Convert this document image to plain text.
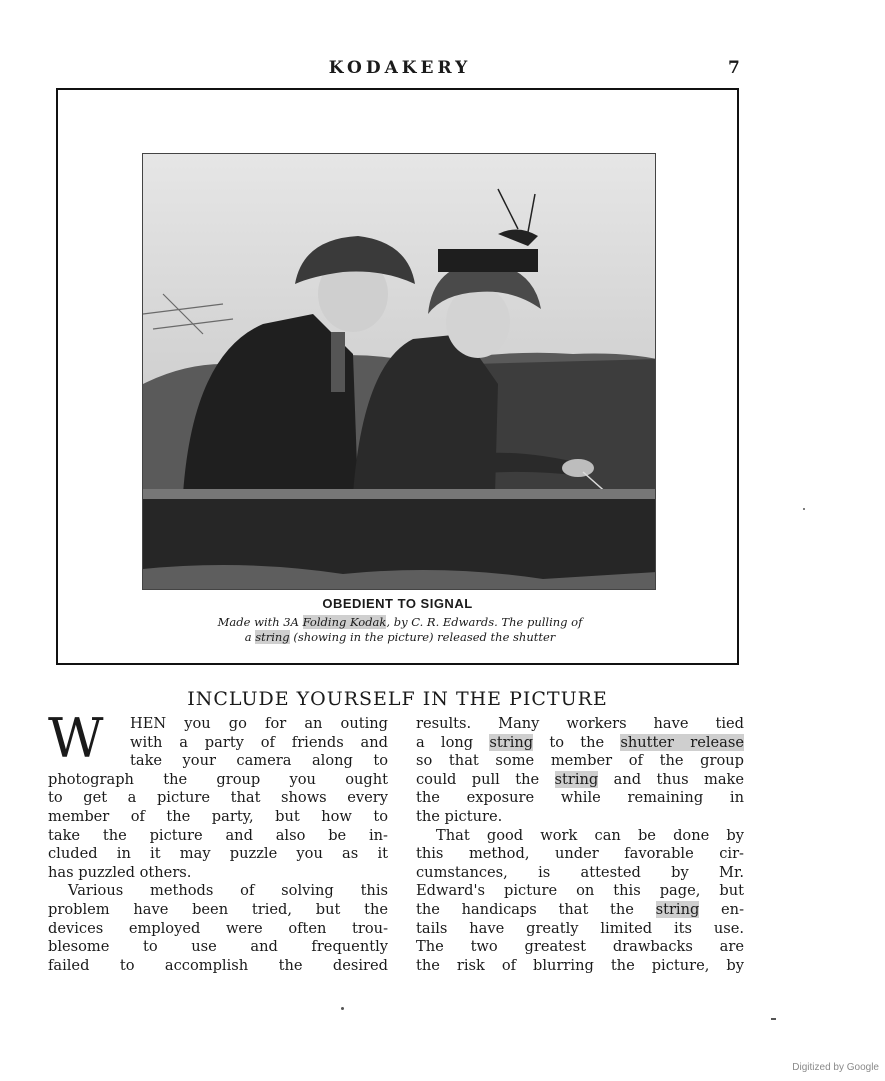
KODAKERY	7
OBEDIENT TO SIGNAL
Made with 3A Folding Kodak, by C. R. Edwards. The pulling of
a string (showing in the picture) released the shutter
INCLUDE YOURSELF IN THE PICTURE
W	HEN you go for an outing
with a party of friends and
take your camera along to
photograph the group you ought
to get a picture that shows every
member of the party, but how to
take the picture and also be in-
cluded in it may puzzle you as it
has puzzled others.
Various methods of solving this
problem have been tried, but the
devices employed were often trou-
blesome to use and frequently
failed to accomplish the desired
results. Many workers have tied
a long string to the shutter release
so that some member of the group
could pull the string and thus make
the exposure while remaining in
the picture.
That good work can be done by
this method, under favorable cir-
cumstances, is attested by Mr.
Edward's picture on this page, but
the handicaps that the string en-
tails have greatly limited its use.
The two greatest drawbacks are
the risk of blurring the picture, by
Digitized by Google
